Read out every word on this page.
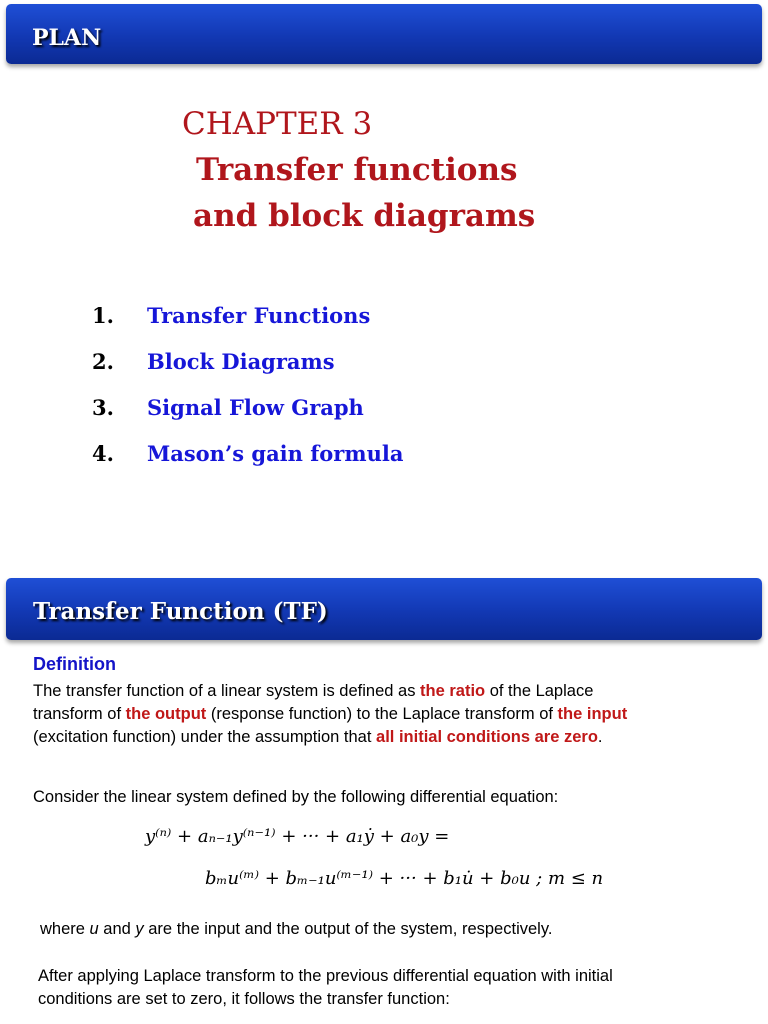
PLAN
CHAPTER 3
Transfer functions
and block diagrams
1. Transfer Functions
2. Block Diagrams
3. Signal Flow Graph
4. Mason’s gain formula
Transfer Function (TF)
Definition
The transfer function of a linear system is defined as the ratio of the Laplace
transform of the output (response function) to the Laplace transform of the input
(excitation function) under the assumption that all initial conditions are zero.
Consider the linear system defined by the following differential equation:
y⁽ⁿ⁾ + aₙ₋₁y⁽ⁿ⁻¹⁾ + ··· + a₁ẏ + a₀y =
bₘu⁽ᵐ⁾ + bₘ₋₁u⁽ᵐ⁻¹⁾ + ··· + b₁u̇ + b₀u ; m ≤ n
where u and y are the input and the output of the system, respectively.
After applying Laplace transform to the previous differential equation with initial
conditions are set to zero, it follows the transfer function:
